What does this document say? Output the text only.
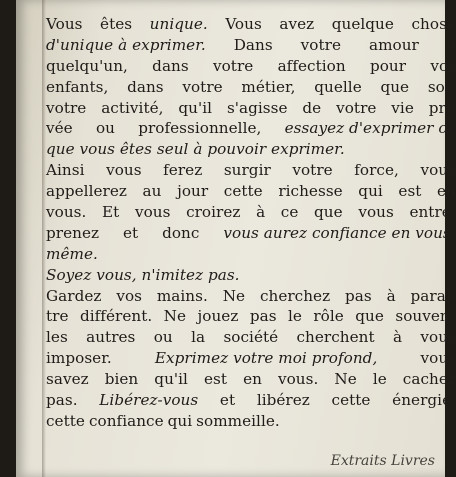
Vous êtes unique. Vous avez quelque chose
d'unique à exprimer. Dans votre amour à
quelqu'un, dans votre affection pour vos
enfants, dans votre métier, quelle que soit
votre activité, qu'il s'agisse de votre vie pri-
vée ou professionnelle, essayez d'exprimer ce
que vous êtes seul à pouvoir exprimer.
Ainsi vous ferez surgir votre force, vous
appellerez au jour cette richesse qui est en
vous. Et vous croirez à ce que vous entre-
prenez et donc vous aurez confiance en vous-
même.
Soyez vous, n'imitez pas.
Gardez vos mains. Ne cherchez pas à paraî-
tre différent. Ne jouez pas le rôle que souvent
les autres ou la société cherchent à vous
imposer.	Exprimez votre moi profond,	vous
savez bien qu'il est en vous. Ne le cachez
pas. Libérez-vous et libérez cette énergie,
cette confiance qui sommeille.
Extraits Livres
